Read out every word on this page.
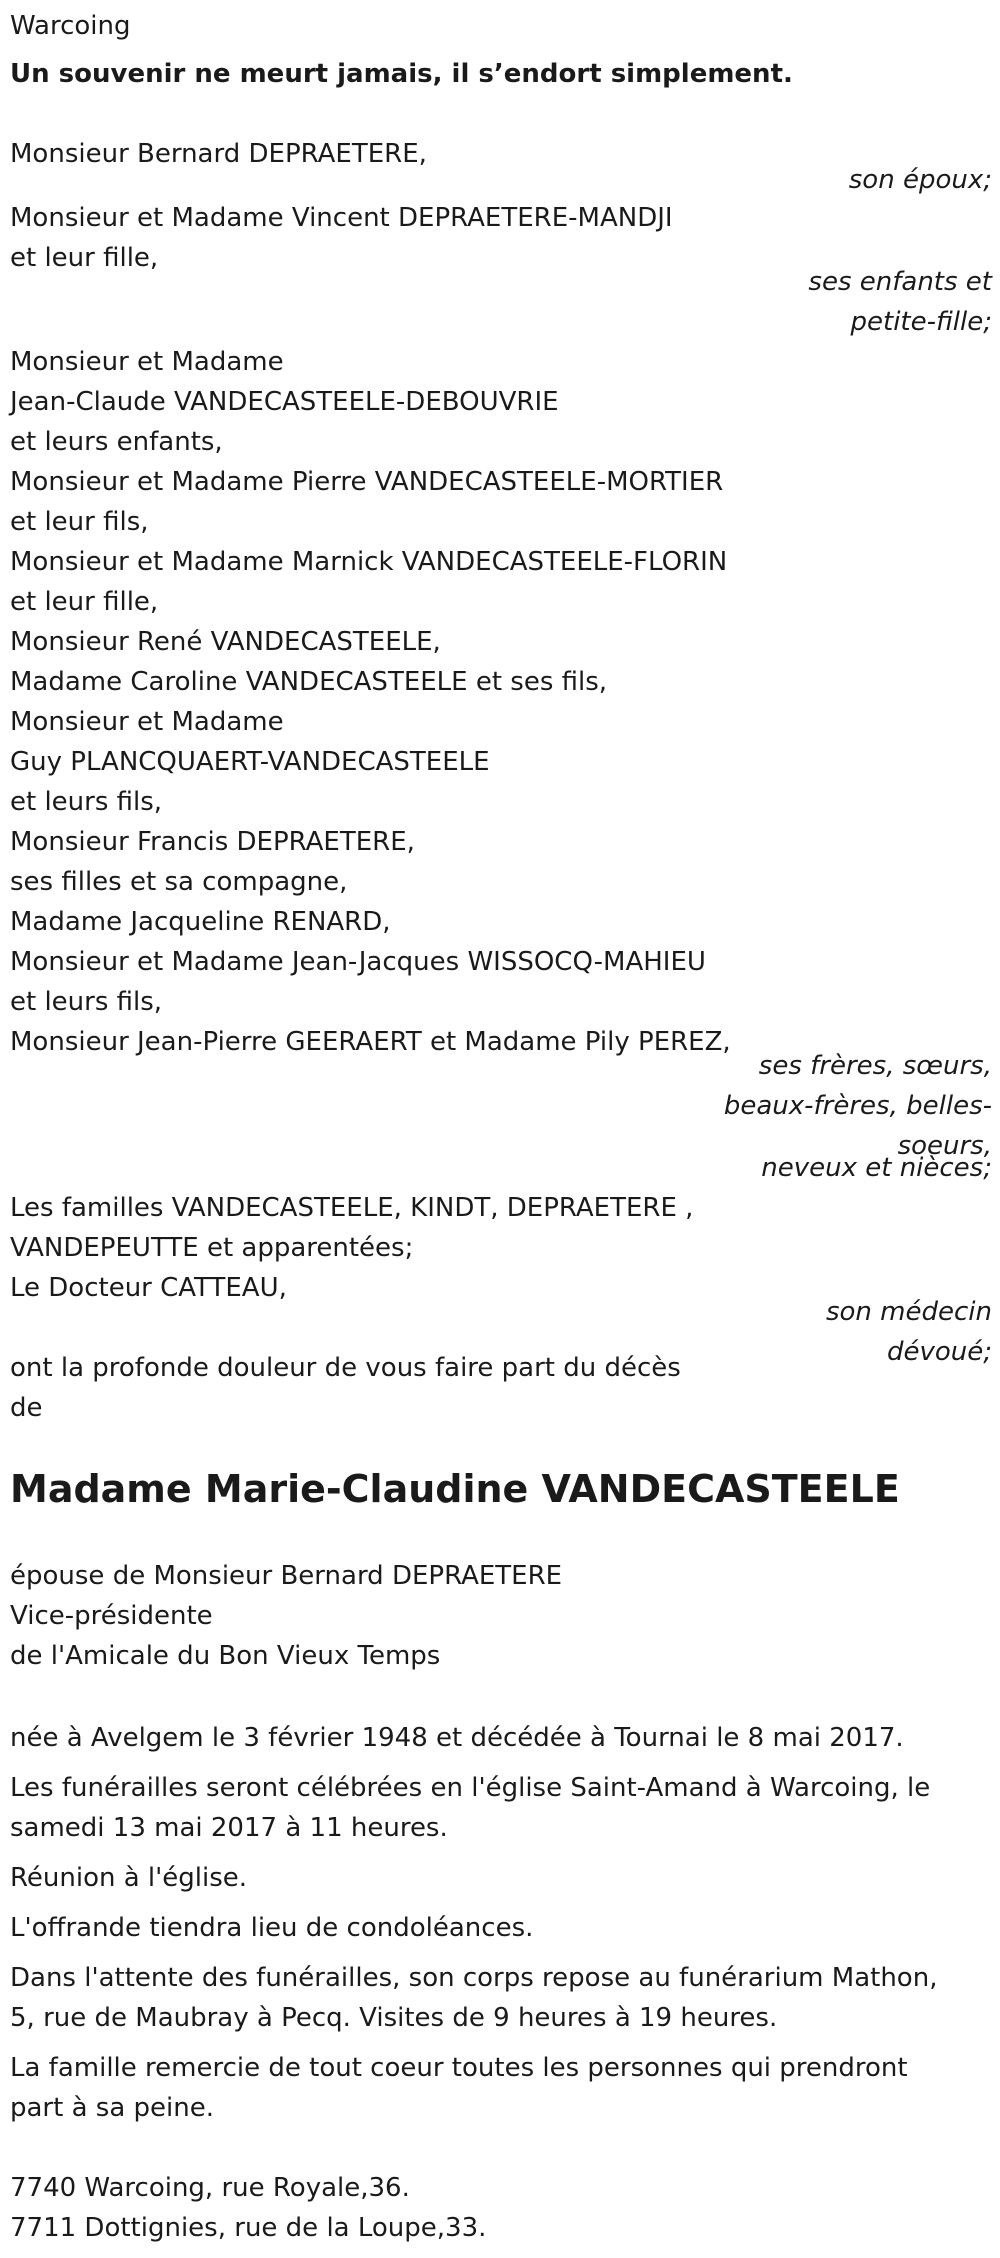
Warcoing
Un souvenir ne meurt jamais, il s’endort simplement.
Monsieur Bernard DEPRAETERE,
son époux;
Monsieur et Madame Vincent DEPRAETERE-MANDJI
et leur fille,
ses enfants et
petite-fille;
Monsieur et Madame
Jean-Claude VANDECASTEELE-DEBOUVRIE
et leurs enfants,
Monsieur et Madame Pierre VANDECASTEELE-MORTIER
et leur fils,
Monsieur et Madame Marnick VANDECASTEELE-FLORIN
et leur fille,
Monsieur René VANDECASTEELE,
Madame Caroline VANDECASTEELE et ses fils,
Monsieur et Madame
Guy PLANCQUAERT-VANDECASTEELE
et leurs fils,
Monsieur Francis DEPRAETERE,
ses filles et sa compagne,
Madame Jacqueline RENARD,
Monsieur et Madame Jean-Jacques WISSOCQ-MAHIEU
et leurs fils,
Monsieur Jean-Pierre GEERAERT et Madame Pily PEREZ,
ses frères, sœurs,
beaux-frères, belles-
soeurs,
neveux et nièces;
Les familles VANDECASTEELE, KINDT, DEPRAETERE ,
VANDEPEUTTE et apparentées;
Le Docteur CATTEAU,
son médecin
dévoué;
ont la profonde douleur de vous faire part du décès
de
Madame Marie-Claudine VANDECASTEELE
épouse de Monsieur Bernard DEPRAETERE
Vice-présidente
de l'Amicale du Bon Vieux Temps
née à Avelgem le 3 février 1948 et décédée à Tournai le 8 mai 2017.
Les funérailles seront célébrées en l'église Saint-Amand à Warcoing, le
samedi 13 mai 2017 à 11 heures.
Réunion à l'église.
L'offrande tiendra lieu de condoléances.
Dans l'attente des funérailles, son corps repose au funérarium Mathon,
5, rue de Maubray à Pecq. Visites de 9 heures à 19 heures.
La famille remercie de tout coeur toutes les personnes qui prendront
part à sa peine.
7740 Warcoing, rue Royale,36.
7711 Dottignies, rue de la Loupe,33.
